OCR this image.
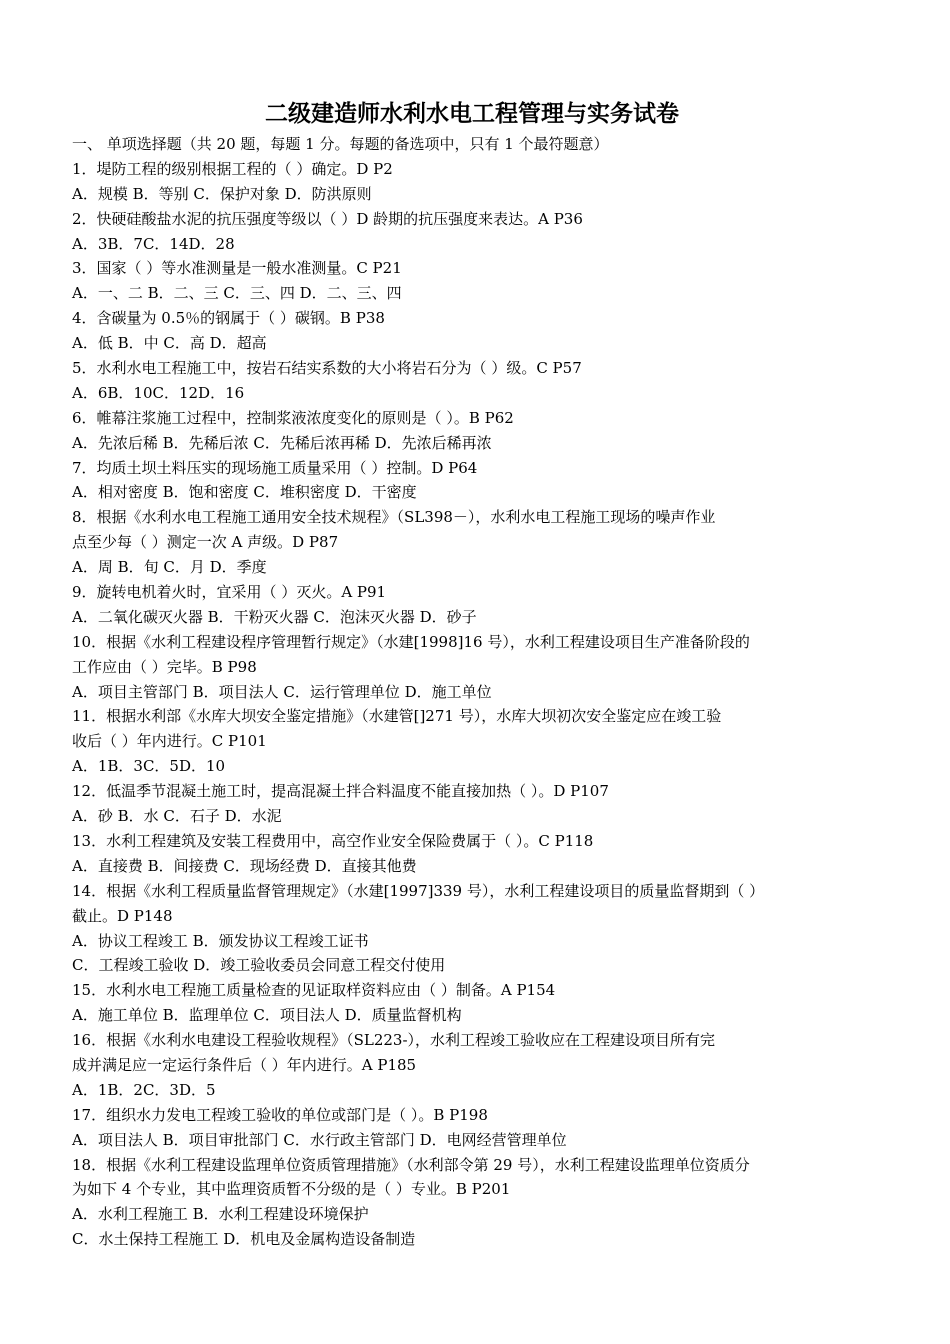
二级建造师水利水电工程管理与实务试卷
一、 单项选择题（共 20 题，每题 1 分。每题的备选项中，只有 1 个最符题意）
1．堤防工程的级别根据工程的（ ）确定。D P2
A．规模 B．等别 C．保护对象 D．防洪原则
2．快硬硅酸盐水泥的抗压强度等级以（ ）D 龄期的抗压强度来表达。A P36
A．3B．7C．14D．28
3．国家（ ）等水准测量是一般水准测量。C P21
A．一、二 B．二、三 C．三、四 D．二、三、四
4．含碳量为 0.5％的钢属于（ ）碳钢。B P38
A．低 B．中 C．高 D．超高
5．水利水电工程施工中，按岩石结实系数的大小将岩石分为（ ）级。C P57
A．6B．10C．12D．16
6．帷幕注浆施工过程中，控制浆液浓度变化的原则是（ ）。B P62
A．先浓后稀 B．先稀后浓 C．先稀后浓再稀 D．先浓后稀再浓
7．均质土坝土料压实的现场施工质量采用（ ）控制。D P64
A．相对密度 B．饱和密度 C．堆积密度 D．干密度
8．根据《水利水电工程施工通用安全技术规程》（SL398－），水利水电工程施工现场的噪声作业
点至少每（ ）测定一次 A 声级。D P87
A．周 B．旬 C．月 D．季度
9．旋转电机着火时，宜采用（ ）灭火。A P91
A．二氧化碳灭火器 B．干粉灭火器 C．泡沫灭火器 D．砂子
10．根据《水利工程建设程序管理暂行规定》（水建[1998]16 号），水利工程建设项目生产准备阶段的
工作应由（ ）完毕。B P98
A．项目主管部门 B．项目法人 C．运行管理单位 D．施工单位
11．根据水利部《水库大坝安全鉴定措施》（水建管[]271 号），水库大坝初次安全鉴定应在竣工验
收后（ ）年内进行。C P101
A．1B．3C．5D．10
12．低温季节混凝土施工时，提高混凝土拌合料温度不能直接加热（ ）。D P107
A．砂 B．水 C．石子 D．水泥
13．水利工程建筑及安装工程费用中，高空作业安全保险费属于（ ）。C P118
A．直接费 B．间接费 C．现场经费 D．直接其他费
14．根据《水利工程质量监督管理规定》（水建[1997]339 号），水利工程建设项目的质量监督期到（ ）
截止。D P148
A．协议工程竣工 B．颁发协议工程竣工证书
C．工程竣工验收 D．竣工验收委员会同意工程交付使用
15．水利水电工程施工质量检查的见证取样资料应由（ ）制备。A P154
A．施工单位 B．监理单位 C．项目法人 D．质量监督机构
16．根据《水利水电建设工程验收规程》（SL223-），水利工程竣工验收应在工程建设项目所有完
成并满足应一定运行条件后（ ）年内进行。A P185
A．1B．2C．3D．5
17．组织水力发电工程竣工验收的单位或部门是（ ）。B P198
A．项目法人 B．项目审批部门 C．水行政主管部门 D．电网经营管理单位
18．根据《水利工程建设监理单位资质管理措施》（水利部令第 29 号），水利工程建设监理单位资质分
为如下 4 个专业，其中监理资质暂不分级的是（ ）专业。B P201
A．水利工程施工 B．水利工程建设环境保护
C．水土保持工程施工 D．机电及金属构造设备制造
